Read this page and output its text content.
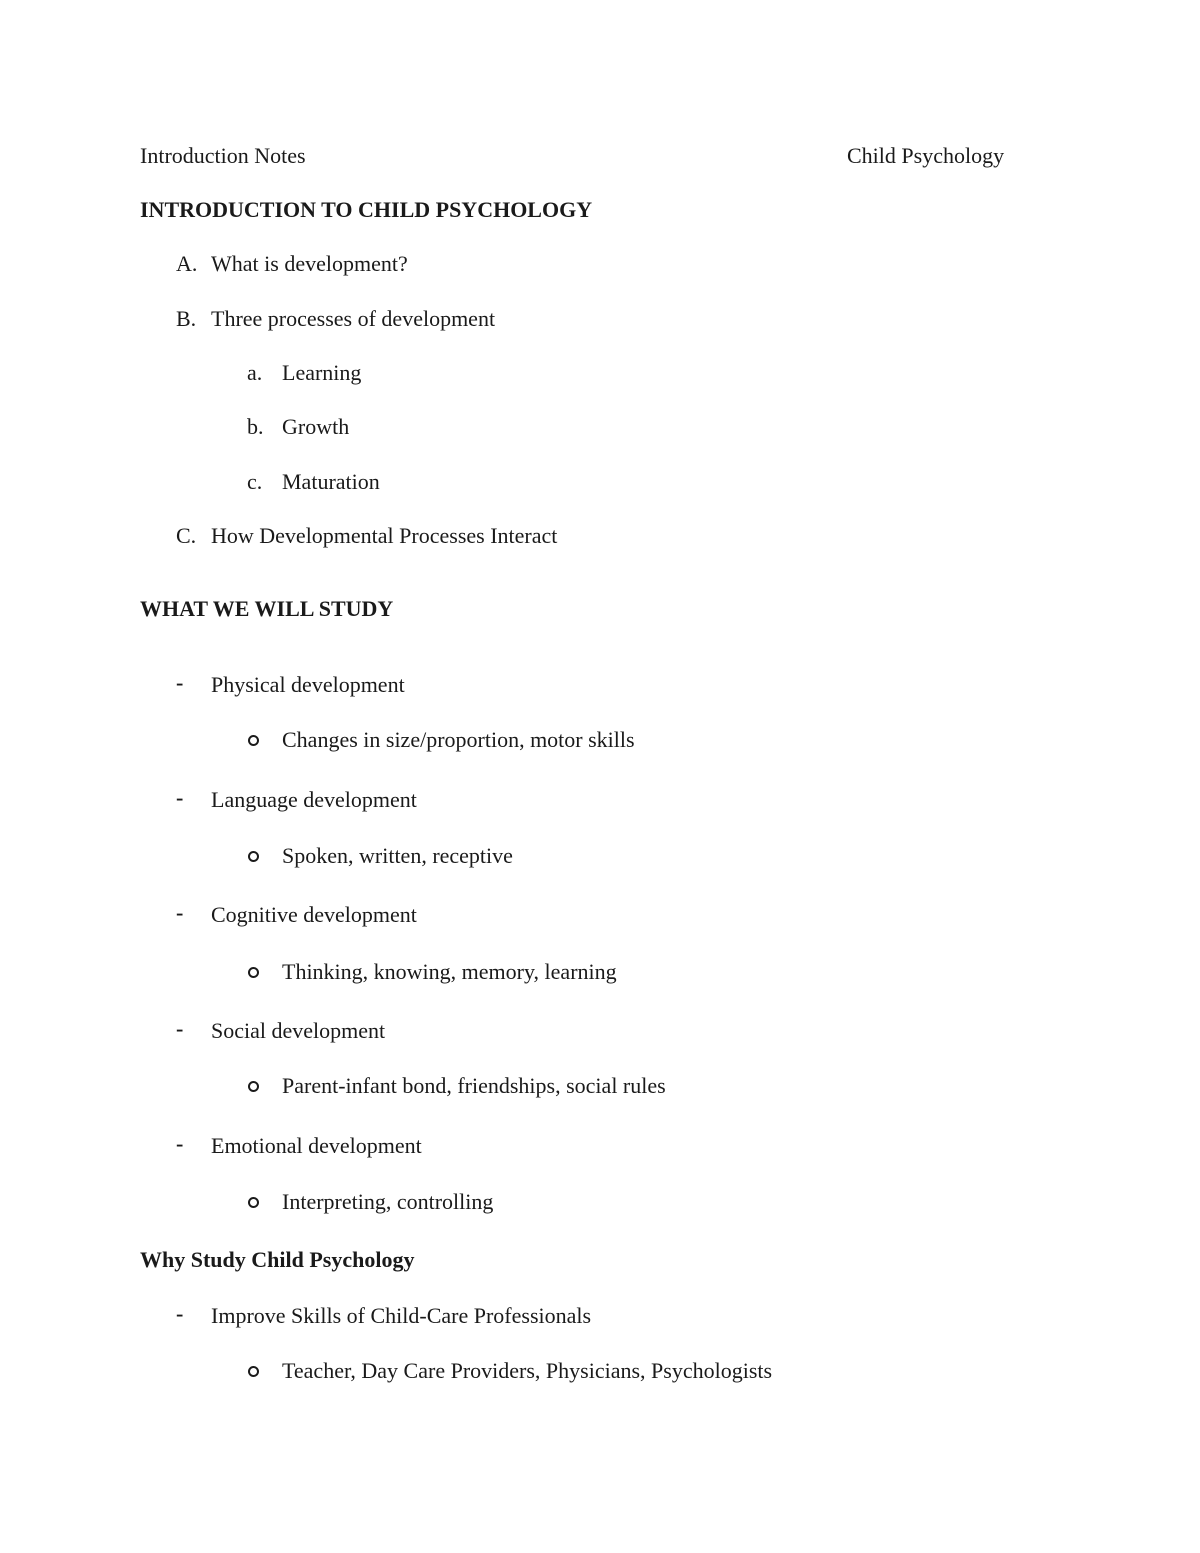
Introduction Notes	Child Psychology
INTRODUCTION TO CHILD PSYCHOLOGY
A. What is development?
B. Three processes of development
a. Learning
b. Growth
c. Maturation
C. How Developmental Processes Interact
WHAT WE WILL STUDY
- Physical development
Changes in size/proportion, motor skills
- Language development
Spoken, written, receptive
- Cognitive development
Thinking, knowing, memory, learning
- Social development
Parent-infant bond, friendships, social rules
- Emotional development
Interpreting, controlling
Why Study Child Psychology
- Improve Skills of Child-Care Professionals
Teacher, Day Care Providers, Physicians, Psychologists
